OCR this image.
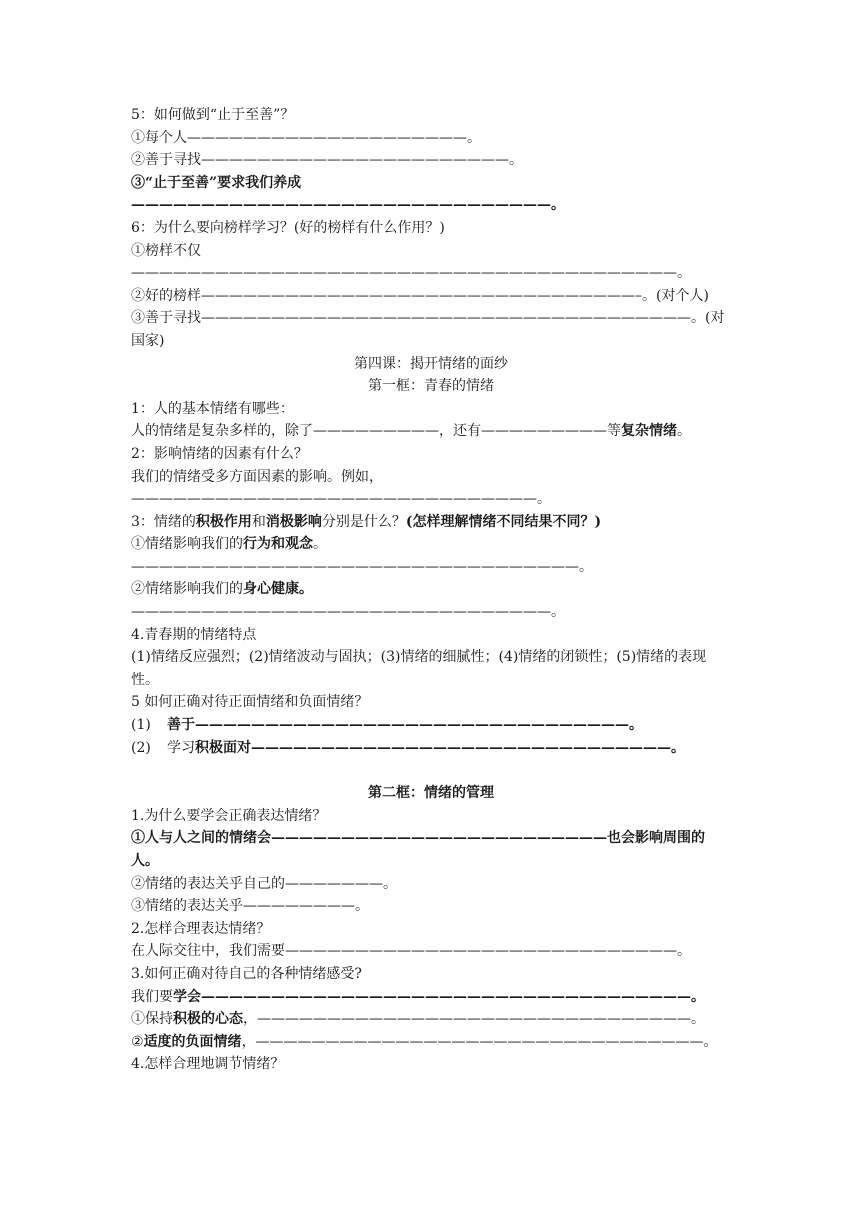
5：如何做到“止于至善”？

①每个人————————————————————。

②善于寻找——————————————————————。

③“止于至善”要求我们养成——————————————————————————————。

6：为什么要向榜样学习？(好的榜样有什么作用？)

①榜样不仅———————————————————————————————————————。

②好的榜样———————————————————————————————–。(对个人)

③善于寻找———————————————————————————————————。(对国家)

第四课：揭开情绪的面纱

第一框：青春的情绪

1：人的基本情绪有哪些：

人的情绪是复杂多样的，除了—————————，还有—————————等复杂情绪。

2：影响情绪的因素有什么？

我们的情绪受多方面因素的影响。例如，—————————————————————————————。

3：情绪的积极作用和消极影响分别是什么？(怎样理解情绪不同结果不同？)

①情绪影响我们的行为和观念。————————————————————————————————。

②情绪影响我们的身心健康。——————————————————————————————。

4.青春期的情绪特点

(1)情绪反应强烈；(2)情绪波动与固执；(3)情绪的细腻性；(4)情绪的闭锁性；(5)情绪的表现性。

5 如何正确对待正面情绪和负面情绪？

(1) 善于———————————————————————————————。

(2) 学习积极面对——————————————————————————————。

第二框：情绪的管理

1.为什么要学会正确表达情绪？

①人与人之间的情绪会————————————————————————也会影响周围的人。

②情绪的表达关乎自己的———————。

③情绪的表达关乎————————。

2.怎样合理表达情绪？

在人际交往中，我们需要————————————————————————————。

3.如何正确对待自己的各种情绪感受?

我们要学会———————————————————————————————————。

①保持积极的心态，———————————————————————————————。

②适度的负面情绪，————————————————————————————————。

4.怎样合理地调节情绪？
